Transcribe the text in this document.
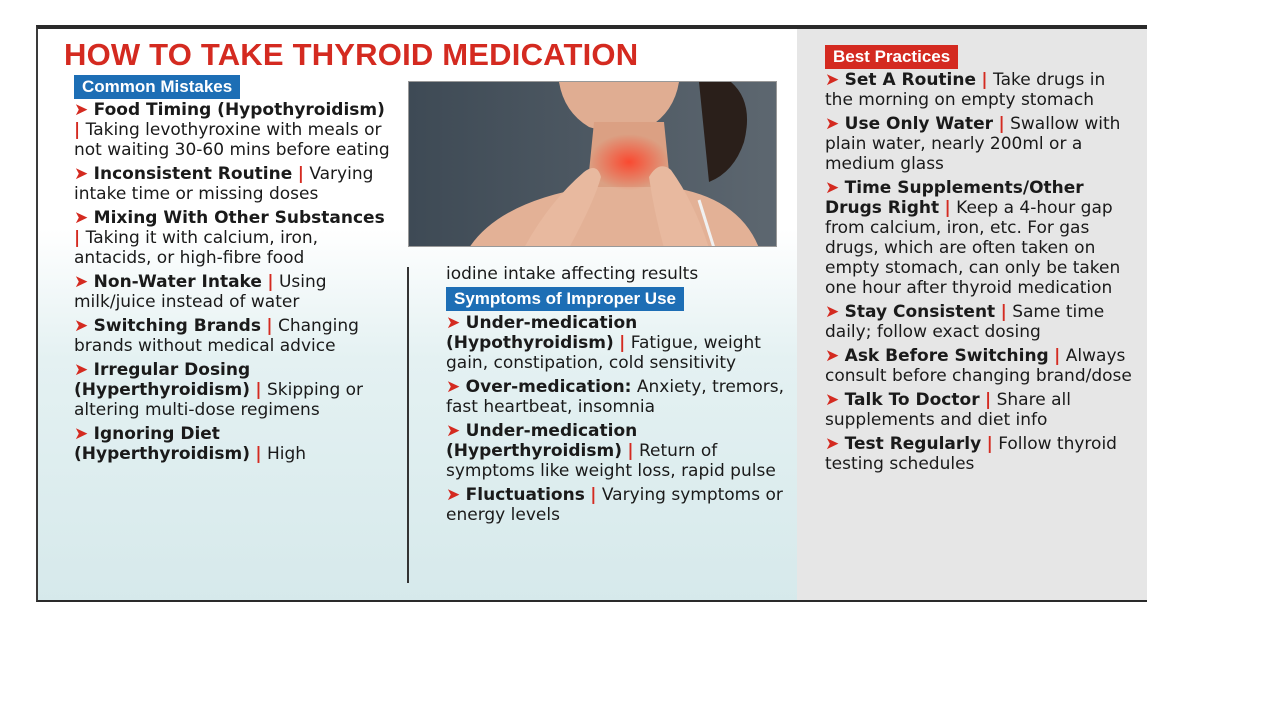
HOW TO TAKE THYROID MEDICATION
Common Mistakes
➤ Food Timing (Hypothyroidism) | Taking levothyroxine with meals or not waiting 30-60 mins before eating
➤ Inconsistent Routine | Varying intake time or missing doses
➤ Mixing With Other Substances | Taking it with calcium, iron, antacids, or high-fibre food
➤ Non-Water Intake | Using milk/juice instead of water
➤ Switching Brands | Changing brands without medical advice
➤ Irregular Dosing (Hyperthyroidism) | Skipping or altering multi-dose regimens
➤ Ignoring Diet (Hyperthyroidism) | High
iodine intake affecting results
Symptoms of Improper Use
➤ Under-medication (Hypothyroidism) | Fatigue, weight gain, constipation, cold sensitivity
➤ Over-medication: Anxiety, tremors, fast heartbeat, insomnia
➤ Under-medication (Hyperthyroidism) | Return of symptoms like weight loss, rapid pulse
➤ Fluctuations | Varying symptoms or energy levels
Best Practices
➤ Set A Routine | Take drugs in the morning on empty stomach
➤ Use Only Water | Swallow with plain water, nearly 200ml or a medium glass
➤ Time Supplements/Other Drugs Right | Keep a 4-hour gap from calcium, iron, etc. For gas drugs, which are often taken on empty stomach, can only be taken one hour after thyroid medication
➤ Stay Consistent | Same time daily; follow exact dosing
➤ Ask Before Switching | Always consult before changing brand/dose
➤ Talk To Doctor | Share all supplements and diet info
➤ Test Regularly | Follow thyroid testing schedules
